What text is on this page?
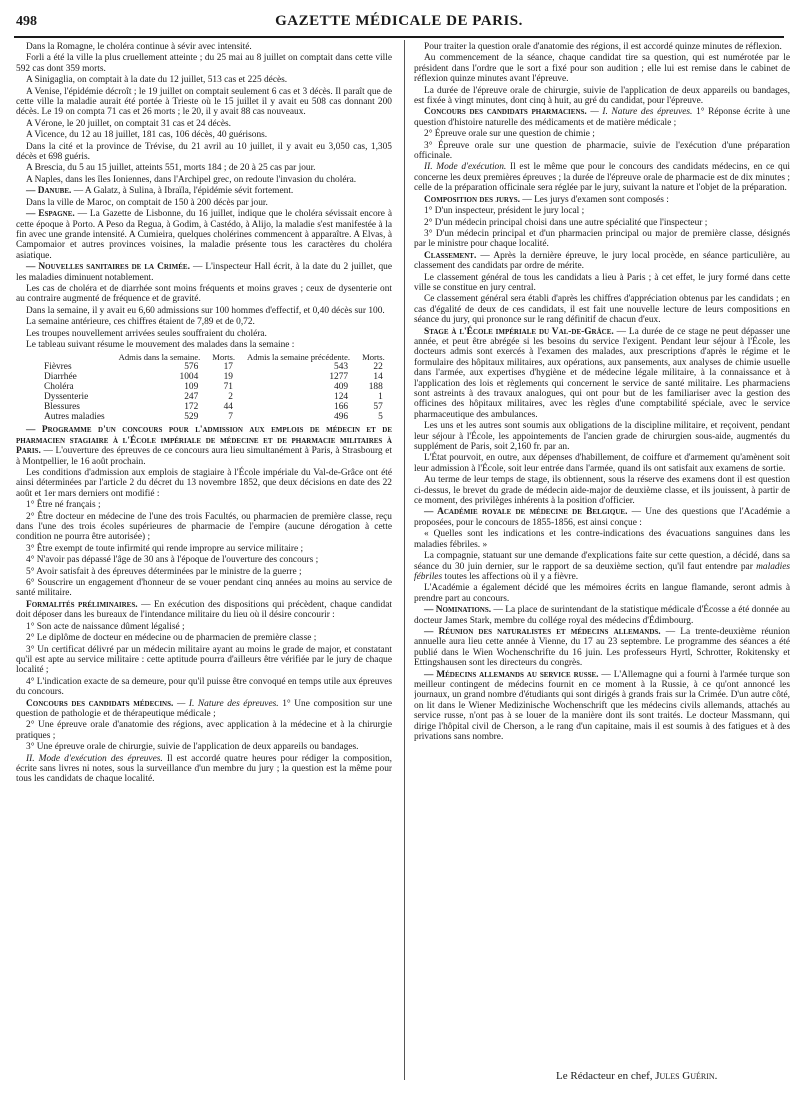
498	GAZETTE MÉDICALE DE PARIS.

Dans la Romagne, le choléra continue à sévir avec intensité.

Forli a été la ville la plus cruellement atteinte ; du 25 mai au 8 juillet on comptait dans cette ville 592 cas dont 359 morts.

A Sinigaglia, on comptait à la date du 12 juillet, 513 cas et 225 décès.

A Venise, l'épidémie décroît ; le 19 juillet on comptait seulement 6 cas et 3 décès. Il paraît que de cette ville la maladie aurait été portée à Trieste où le 15 juillet il y avait eu 508 cas donnant 200 décès. Le 19 on compta 71 cas et 26 morts ; le 20, il y avait 88 cas nouveaux.

A Vérone, le 20 juillet, on comptait 31 cas et 24 décès.

A Vicence, du 12 au 18 juillet, 181 cas, 106 décès, 40 guérisons.

Dans la cité et la province de Trévise, du 21 avril au 10 juillet, il y avait eu 3,050 cas, 1,305 décès et 698 guéris.

A Brescia, du 5 au 15 juillet, atteints 551, morts 184 ; de 20 à 25 cas par jour.

A Naples, dans les îles Ioniennes, dans l'Archipel grec, on redoute l'invasion du choléra.

— Danube. — A Galatz, à Sulina, à Ibraïla, l'épidémie sévit fortement.

Dans la ville de Maroc, on comptait de 150 à 200 décès par jour.

— Espagne. — La Gazette de Lisbonne, du 16 juillet, indique que le choléra sévissait encore à cette époque à Porto. A Peso da Regua, à Godim, à Castédo, à Alijo, la maladie s'est manifestée à la fin avec une grande intensité. A Cumieira, quelques cholérines commencent à apparaître. A Elvas, à Campomaior et autres provinces voisines, la maladie présente tous les caractères du choléra asiatique.

— Nouvelles sanitaires de la Crimée. — L'inspecteur Hall écrit, à la date du 2 juillet, que les maladies diminuent notablement.

Les cas de choléra et de diarrhée sont moins fréquents et moins graves ; ceux de dysenterie ont au contraire augmenté de fréquence et de gravité.

Dans la semaine, il y avait eu 6,60 admissions sur 100 hommes d'effectif, et 0,40 décès sur 100.

La semaine antérieure, ces chiffres étaient de 7,89 et de 0,72.

Les troupes nouvellement arrivées seules souffraient du choléra.

Le tableau suivant résume le mouvement des malades dans la semaine :

	Admis dans la semaine.	Morts.	Admis la semaine précédente.	Morts.
Fièvres	576	17	543	22
Diarrhée	1004	19	1277	14
Choléra	109	71	409	188
Dyssenterie	247	2	124	1
Blessures	172	44	166	57
Autres maladies	529	7	496	5

— Programme d'un concours pour l'admission aux emplois de médecin et de pharmacien stagiaire à l'École impériale de médecine et de pharmacie militaires à Paris. — L'ouverture des épreuves de ce concours aura lieu simultanément à Paris, à Strasbourg et à Montpellier, le 16 août prochain.

Les conditions d'admission aux emplois de stagiaire à l'École impériale du Val-de-Grâce ont été ainsi déterminées par l'article 2 du décret du 13 novembre 1852, que deux décisions en date des 22 août et 1er mars derniers ont modifié :

1° Être né français ;

2° Être docteur en médecine de l'une des trois Facultés, ou pharmacien de première classe, reçu dans l'une des trois écoles supérieures de pharmacie de l'empire (aucune dérogation à cette condition ne pourra être autorisée) ;

3° Être exempt de toute infirmité qui rende impropre au service militaire ;

4° N'avoir pas dépassé l'âge de 30 ans à l'époque de l'ouverture des concours ;

5° Avoir satisfait à des épreuves déterminées par le ministre de la guerre ;

6° Souscrire un engagement d'honneur de se vouer pendant cinq années au moins au service de santé militaire.

Formalités préliminaires. — En exécution des dispositions qui précèdent, chaque candidat doit déposer dans les bureaux de l'intendance militaire du lieu où il désire concourir :

1° Son acte de naissance dûment légalisé ;

2° Le diplôme de docteur en médecine ou de pharmacien de première classe ;

3° Un certificat délivré par un médecin militaire ayant au moins le grade de major, et constatant qu'il est apte au service militaire : cette aptitude pourra d'ailleurs être vérifiée par le jury de chaque localité ;

4° L'indication exacte de sa demeure, pour qu'il puisse être convoqué en temps utile aux épreuves du concours.

Concours des candidats médecins. — I. Nature des épreuves. 1° Une composition sur une question de pathologie et de thérapeutique médicale ;

2° Une épreuve orale d'anatomie des régions, avec application à la médecine et à la chirurgie pratiques ;

3° Une épreuve orale de chirurgie, suivie de l'application de deux appareils ou bandages.

II. Mode d'exécution des épreuves. Il est accordé quatre heures pour rédiger la composition, écrite sans livres ni notes, sous la surveillance d'un membre du jury ; la question est la même pour tous les candidats de chaque localité.

Pour traiter la question orale d'anatomie des régions, il est accordé quinze minutes de réflexion.

Au commencement de la séance, chaque candidat tire sa question, qui est numérotée par le président dans l'ordre que le sort a fixé pour son audition ; elle lui est remise dans le cabinet de réflexion quinze minutes avant l'épreuve.

La durée de l'épreuve orale de chirurgie, suivie de l'application de deux appareils ou bandages, est fixée à vingt minutes, dont cinq à huit, au gré du candidat, pour l'épreuve.

Concours des candidats pharmaciens. — I. Nature des épreuves. 1° Réponse écrite à une question d'histoire naturelle des médicaments et de matière médicale ;

2° Épreuve orale sur une question de chimie ;

3° Épreuve orale sur une question de pharmacie, suivie de l'exécution d'une préparation officinale.

II. Mode d'exécution. Il est le même que pour le concours des candidats médecins, en ce qui concerne les deux premières épreuves ; la durée de l'épreuve orale de pharmacie est de dix minutes ; celle de la préparation officinale sera réglée par le jury, suivant la nature et l'objet de la préparation.

Composition des jurys. — Les jurys d'examen sont composés :

1° D'un inspecteur, président le jury local ;

2° D'un médecin principal choisi dans une autre spécialité que l'inspecteur ;

3° D'un médecin principal et d'un pharmacien principal ou major de première classe, désignés par le ministre pour chaque localité.

Classement. — Après la dernière épreuve, le jury local procède, en séance particulière, au classement des candidats par ordre de mérite.

Le classement général de tous les candidats a lieu à Paris ; à cet effet, le jury formé dans cette ville se constitue en jury central.

Ce classement général sera établi d'après les chiffres d'appréciation obtenus par les candidats ; en cas d'égalité de deux de ces candidats, il est fait une nouvelle lecture de leurs compositions en séance du jury, qui prononce sur le rang définitif de chacun d'eux.

Stage à l'École impériale du Val-de-Grâce. — La durée de ce stage ne peut dépasser une année, et peut être abrégée si les besoins du service l'exigent. Pendant leur séjour à l'École, les docteurs admis sont exercés à l'examen des malades, aux prescriptions d'après le régime et le formulaire des hôpitaux militaires, aux opérations, aux pansements, aux analyses de chimie usuelle dans l'armée, aux expertises d'hygiène et de médecine légale militaire, à la connaissance et à l'application des lois et règlements qui concernent le service de santé militaire. Les pharmaciens sont astreints à des travaux analogues, qui ont pour but de les familiariser avec la gestion des officines des hôpitaux militaires, avec les règles d'une comptabilité spéciale, avec le service pharmaceutique des ambulances.

Les uns et les autres sont soumis aux obligations de la discipline militaire, et reçoivent, pendant leur séjour à l'École, les appointements de l'ancien grade de chirurgien sous-aide, augmentés du supplément de Paris, soit 2,160 fr. par an.

L'État pourvoit, en outre, aux dépenses d'habillement, de coiffure et d'armement qu'amènent soit leur admission à l'École, soit leur entrée dans l'armée, quand ils ont satisfait aux examens de sortie.

Au terme de leur temps de stage, ils obtiennent, sous la réserve des examens dont il est question ci-dessus, le brevet du grade de médecin aide-major de deuxième classe, et ils jouissent, à partir de ce moment, des privilèges inhérents à la position d'officier.

— Académie royale de médecine de Belgique. — Une des questions que l'Académie a proposées, pour le concours de 1855-1856, est ainsi conçue :

« Quelles sont les indications et les contre-indications des évacuations sanguines dans les maladies fébriles. »

La compagnie, statuant sur une demande d'explications faite sur cette question, a décidé, dans sa séance du 30 juin dernier, sur le rapport de sa deuxième section, qu'il faut entendre par maladies fébriles toutes les affections où il y a fièvre.

L'Académie a également décidé que les mémoires écrits en langue flamande, seront admis à prendre part au concours.

— Nominations. — La place de surintendant de la statistique médicale d'Écosse a été donnée au docteur James Stark, membre du collége royal des médecins d'Édimbourg.

— Réunion des naturalistes et médecins allemands. — La trente-deuxième réunion annuelle aura lieu cette année à Vienne, du 17 au 23 septembre. Le programme des séances a été publié dans le Wien Wochenschrifte du 16 juin. Les professeurs Hyrtl, Schrotter, Rokitensky et Ettingshausen sont les directeurs du congrès.

— Médecins allemands au service russe. — L'Allemagne qui a fourni à l'armée turque son meilleur contingent de médecins fournit en ce moment à la Russie, à ce qu'ont annoncé les journaux, un grand nombre d'étudiants qui sont dirigés à grands frais sur la Crimée. D'un autre côté, on lit dans le Wiener Medizinische Wochenschrift que les médecins civils allemands, attachés au service russe, n'ont pas à se louer de la manière dont ils sont traités. Le docteur Massmann, qui dirige l'hôpital civil de Cherson, a le rang d'un capitaine, mais il est soumis à des fatigues et à des privations sans nombre.

Le Rédacteur en chef, Jules Guérin.
